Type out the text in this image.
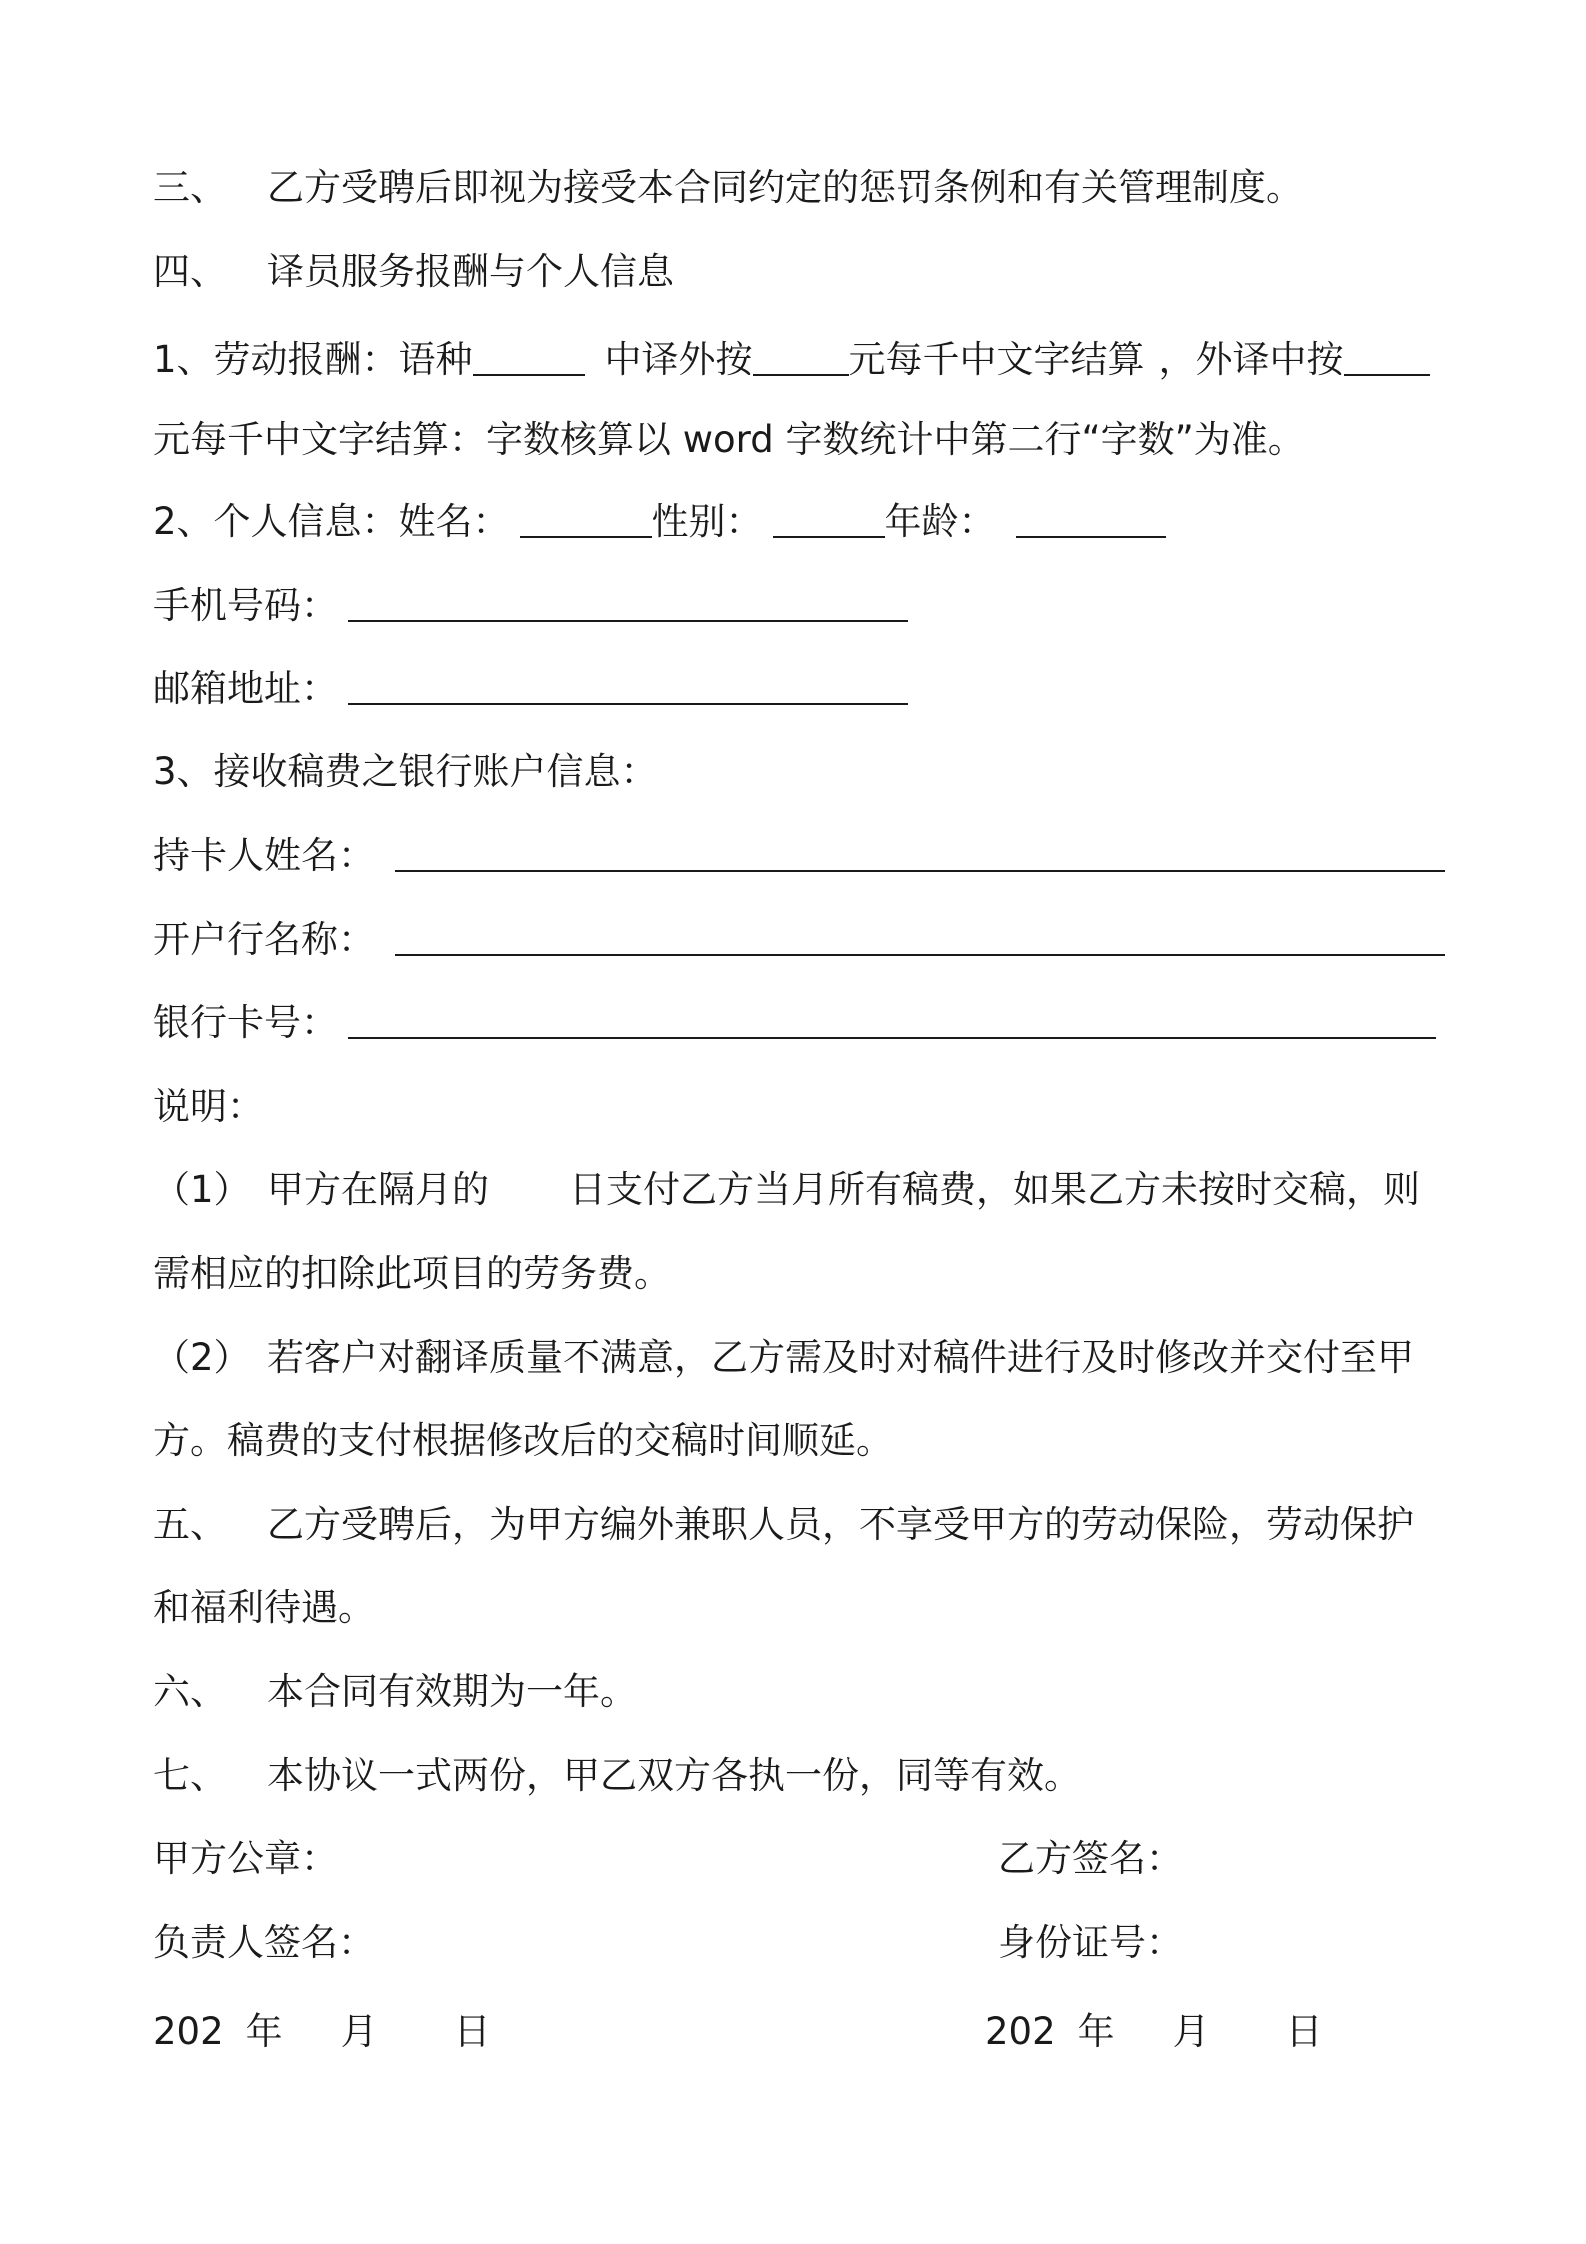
三、 乙方受聘后即视为接受本合同约定的惩罚条例和有关管理制度。
四、 译员服务报酬与个人信息
1、劳动报酬：语种	中译外按	元每千中文字结算 ，外译中按
元每千中文字结算：字数核算以 word 字数统计中第二行“字数”为准。
2、个人信息：姓名：	性别：	年龄：
手机号码：
邮箱地址：
3、接收稿费之银行账户信息：
持卡人姓名：
开户行名称：
银行卡号：
说明：
（1） 甲方在隔月的 日支付乙方当月所有稿费，如果乙方未按时交稿，则
需相应的扣除此项目的劳务费。
（2） 若客户对翻译质量不满意，乙方需及时对稿件进行及时修改并交付至甲
方。稿费的支付根据修改后的交稿时间顺延。
五、 乙方受聘后，为甲方编外兼职人员，不享受甲方的劳动保险，劳动保护
和福利待遇。
六、 本合同有效期为一年。
七、 本协议一式两份，甲乙双方各执一份，同等有效。
甲方公章：	乙方签名：
负责人签名：	身份证号：
202 年 月 日	202 年 月 日
